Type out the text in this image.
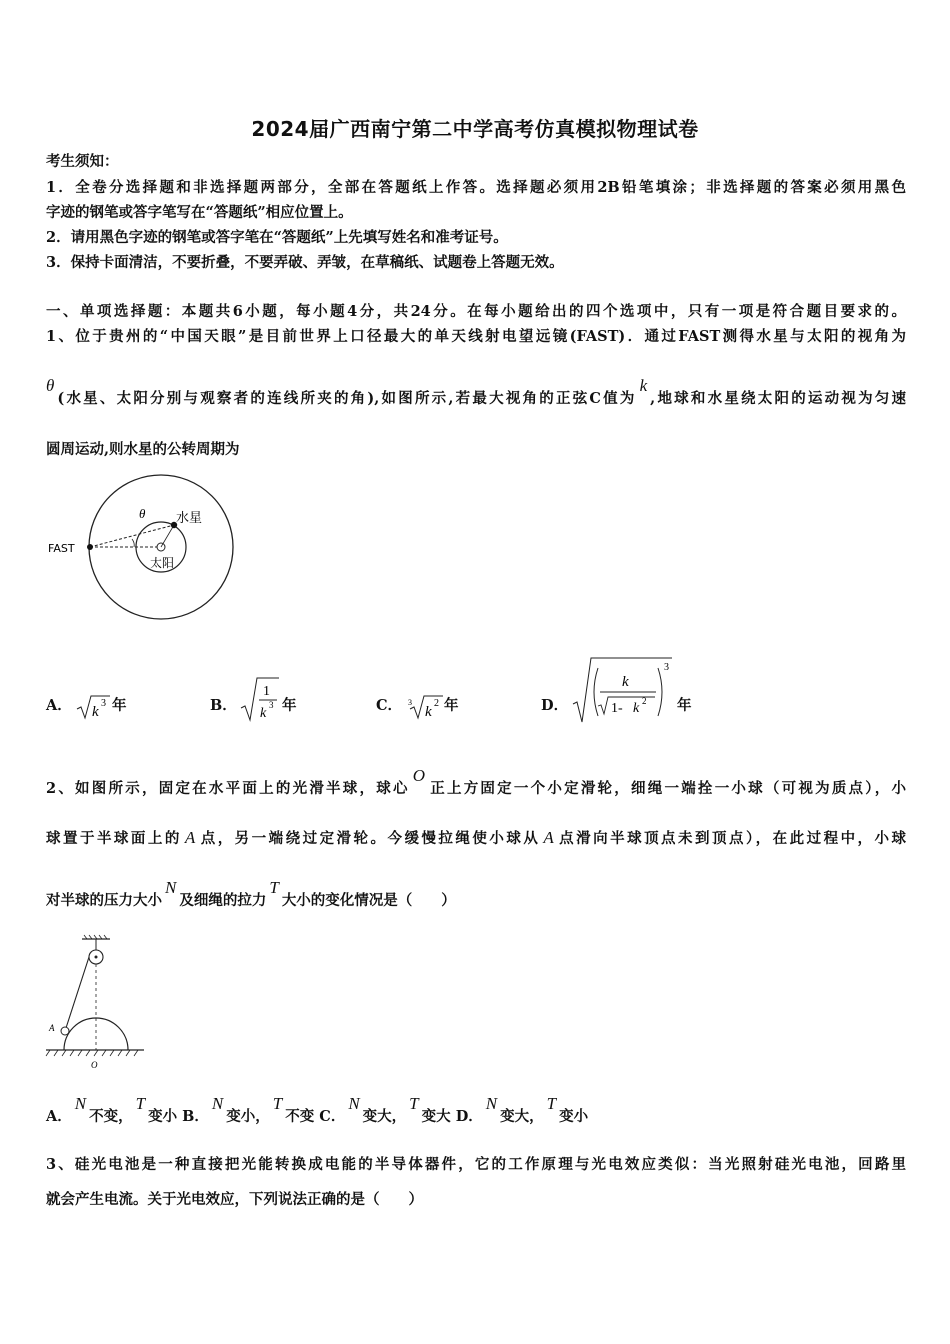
2024届广西南宁第二中学高考仿真模拟物理试卷
考生须知：
1．全卷分选择题和非选择题两部分，全部在答题纸上作答。选择题必须用2B铅笔填涂；非选择题的答案必须用黑色
字迹的钢笔或答字笔写在“答题纸”相应位置上。
2．请用黑色字迹的钢笔或答字笔在“答题纸”上先填写姓名和准考证号。
3．保持卡面清洁，不要折叠，不要弄破、弄皱，在草稿纸、试题卷上答题无效。
一、单项选择题：本题共6小题，每小题4分，共24分。在每小题给出的四个选项中，只有一项是符合题目要求的。
1、位于贵州的“中国天眼”是目前世界上口径最大的单天线射电望远镜(FAST)．通过FAST测得水星与太阳的视角为
θ(水星、太阳分别与观察者的连线所夹的角),如图所示,若最大视角的正弦C值为k,地球和水星绕太阳的运动视为匀速
圆周运动,则水星的公转周期为
FAST
水星
太阳
θ
A． k
3 年	B．
1
k
3 年	C． 3
k
2 年	D．
k
1- k 2
3
年
2、如图所示，固定在水平面上的光滑半球，球心O正上方固定一个小定滑轮，细绳一端拴一小球（可视为质点），小
球置于半球面上的 A 点，另一端绕过定滑轮。今缓慢拉绳使小球从 A 点滑向半球顶点未到顶点），在此过程中，小球
对半球的压力大小N及细绳的拉力T大小的变化情况是（　　）
A
O
A．N不变，T变小 B．N变小，T不变 C．N变大，T变大 D．N变大，T变小
3、硅光电池是一种直接把光能转换成电能的半导体器件，它的工作原理与光电效应类似：当光照射硅光电池，回路里
就会产生电流。关于光电效应，下列说法正确的是（　　）
